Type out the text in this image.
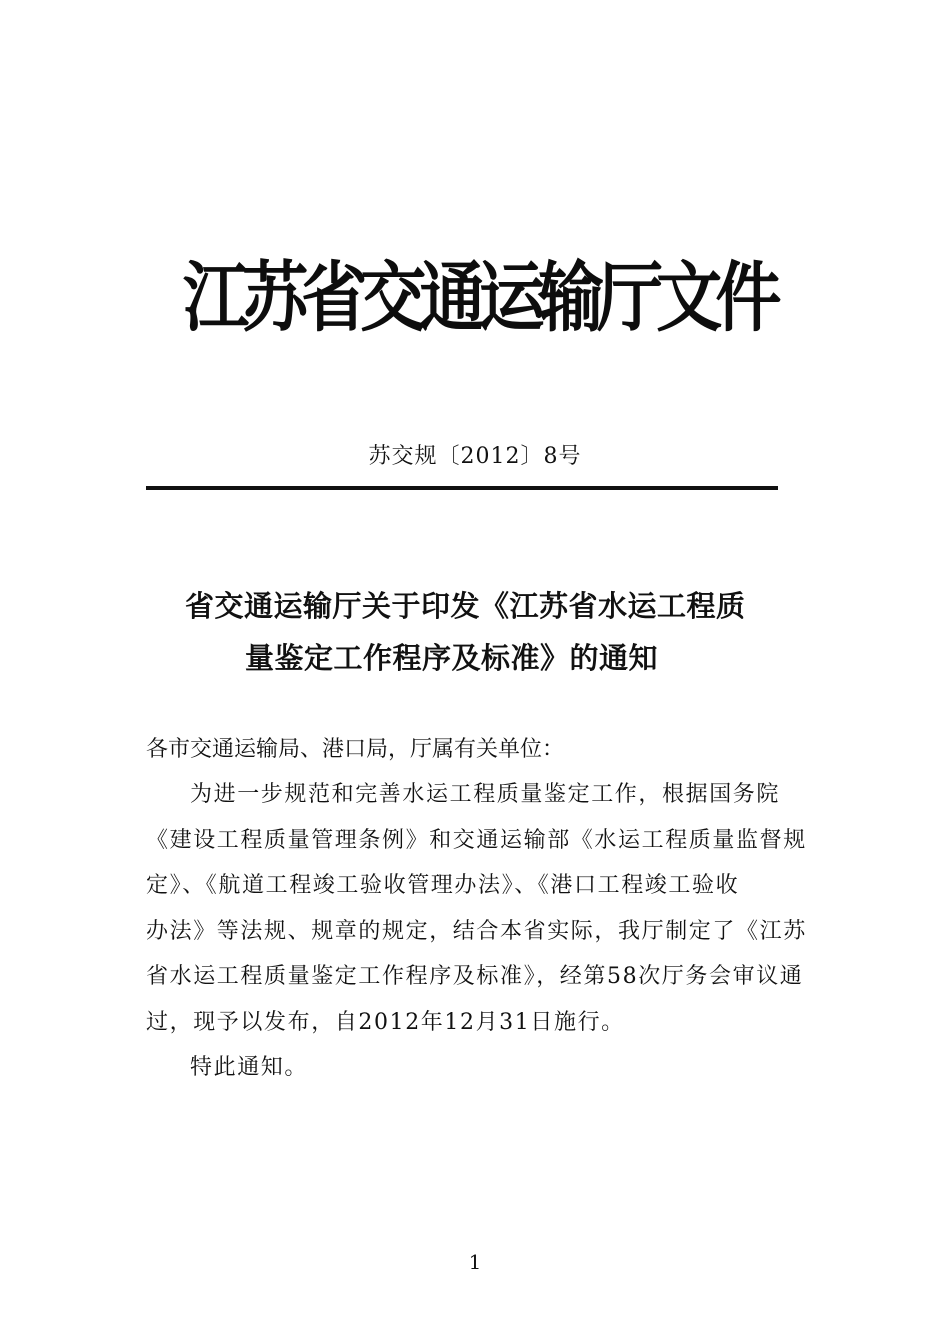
江苏省交通运输厅文件
苏交规〔2012〕8号
省交通运输厅关于印发《江苏省水运工程质
量鉴定工作程序及标准》的通知
各市交通运输局、港口局，厅属有关单位：
为进一步规范和完善水运工程质量鉴定工作，根据国务院
《建设工程质量管理条例》和交通运输部《水运工程质量监督规
定》、《航道工程竣工验收管理办法》、《港口工程竣工验收
办法》等法规、规章的规定，结合本省实际，我厅制定了《江苏
省水运工程质量鉴定工作程序及标准》，经第58次厅务会审议通
过，现予以发布，自2012年12月31日施行。
特此通知。
1
